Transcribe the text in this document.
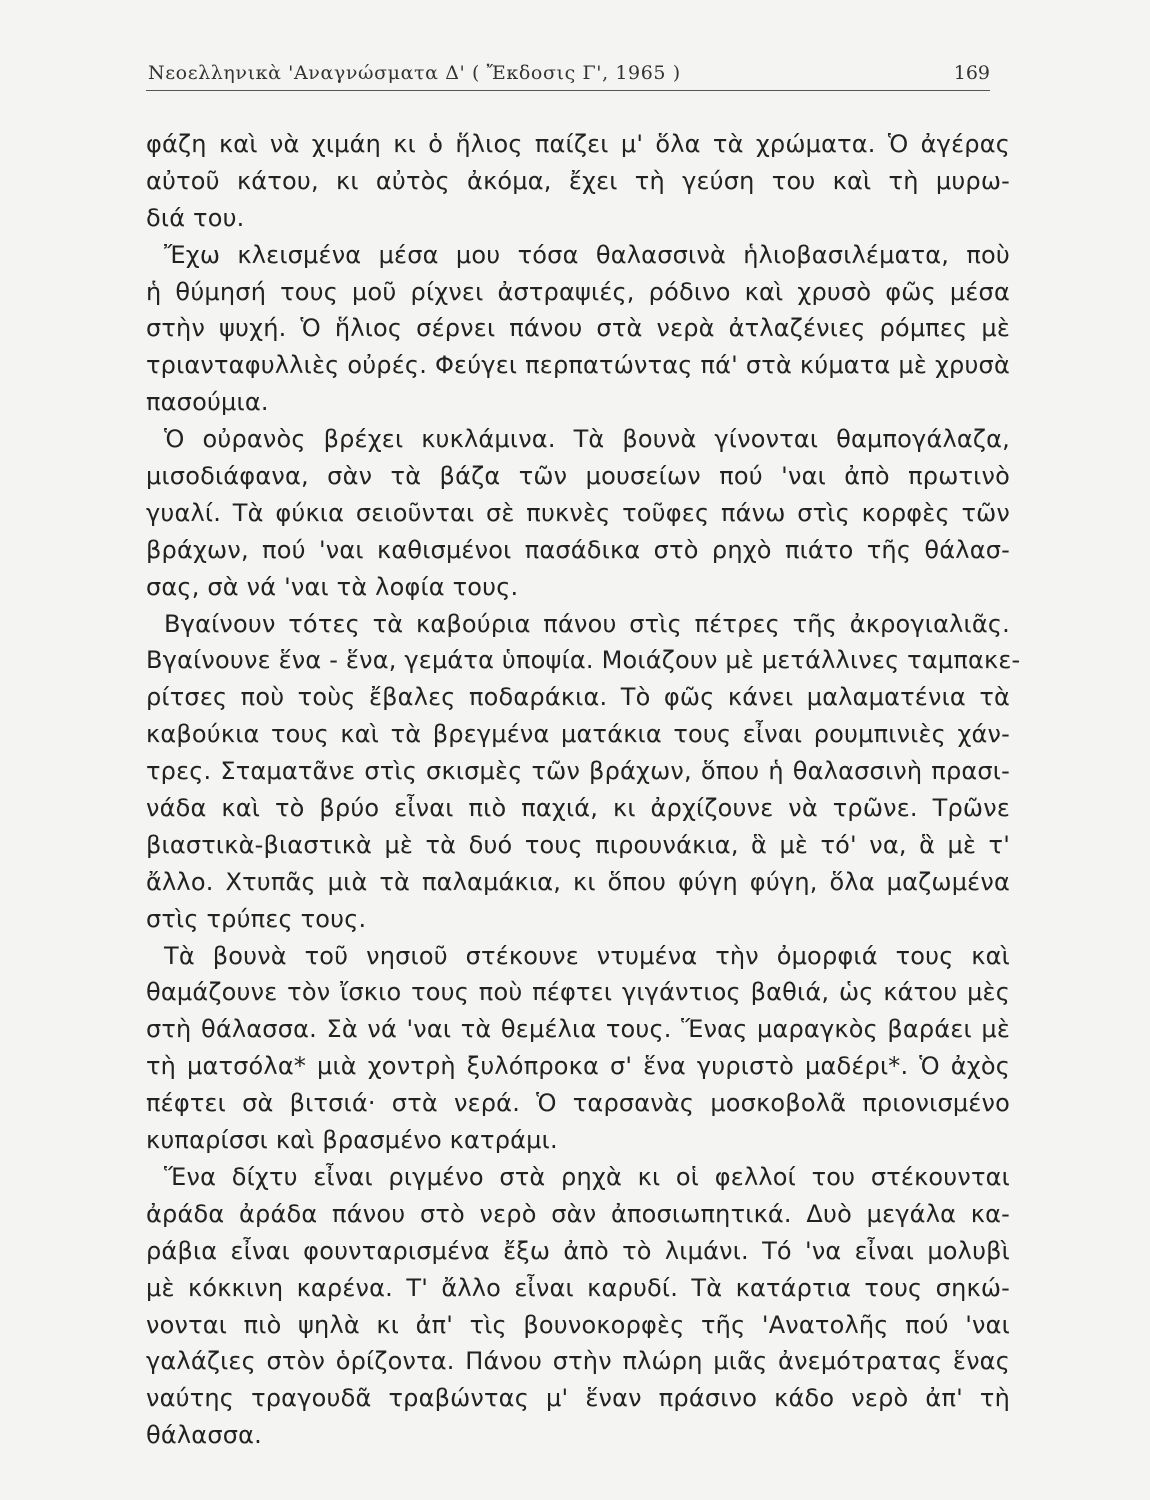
Νεοελληνικὰ 'Αναγνώσματα Δ' ( Ἔκδοσις Γ', 1965 )	169
φάζη καὶ νὰ χιμάη κι ὁ ἥλιος παίζει μ' ὅλα τὰ χρώματα. Ὁ ἀγέρας
αὐτοῦ κάτου, κι αὐτὸς ἀκόμα, ἔχει τὴ γεύση του καὶ τὴ μυρω-
διά του.
Ἔχω κλεισμένα μέσα μου τόσα θαλασσινὰ ἡλιοβασιλέματα, ποὺ
ἡ θύμησή τους μοῦ ρίχνει ἀστραψιές, ρόδινο καὶ χρυσὸ φῶς μέσα
στὴν ψυχή. Ὁ ἥλιος σέρνει πάνου στὰ νερὰ ἀτλαζένιες ρόμπες μὲ
τριανταφυλλιὲς οὐρές. Φεύγει περπατώντας πά' στὰ κύματα μὲ χρυσὰ
πασούμια.
Ὁ οὐρανὸς βρέχει κυκλάμινα. Τὰ βουνὰ γίνονται θαμπογάλαζα,
μισοδιάφανα, σὰν τὰ βάζα τῶν μουσείων πού 'ναι ἀπὸ πρωτινὸ
γυαλί. Τὰ φύκια σειοῦνται σὲ πυκνὲς τοῦφες πάνω στὶς κορφὲς τῶν
βράχων, πού 'ναι καθισμένοι πασάδικα στὸ ρηχὸ πιάτο τῆς θάλασ-
σας, σὰ νά 'ναι τὰ λοφία τους.
Βγαίνουν τότες τὰ καβούρια πάνου στὶς πέτρες τῆς ἀκρογιαλιᾶς.
Βγαίνουνε ἕνα - ἕνα, γεμάτα ὑποψία. Μοιάζουν μὲ μετάλλινες ταμπακε-
ρίτσες ποὺ τοὺς ἔβαλες ποδαράκια. Τὸ φῶς κάνει μαλαματένια τὰ
καβούκια τους καὶ τὰ βρεγμένα ματάκια τους εἶναι ρουμπινιὲς χάν-
τρες. Σταματᾶνε στὶς σκισμὲς τῶν βράχων, ὅπου ἡ θαλασσινὴ πρασι-
νάδα καὶ τὸ βρύο εἶναι πιὸ παχιά, κι ἀρχίζουνε νὰ τρῶνε. Τρῶνε
βιαστικὰ-βιαστικὰ μὲ τὰ δυό τους πιρουνάκια, ἃ μὲ τό' να, ἃ μὲ τ'
ἄλλο. Χτυπᾶς μιὰ τὰ παλαμάκια, κι ὅπου φύγη φύγη, ὅλα μαζωμένα
στὶς τρύπες τους.
Τὰ βουνὰ τοῦ νησιοῦ στέκουνε ντυμένα τὴν ὀμορφιά τους καὶ
θαμάζουνε τὸν ἴσκιο τους ποὺ πέφτει γιγάντιος βαθιά, ὡς κάτου μὲς
στὴ θάλασσα. Σὰ νά 'ναι τὰ θεμέλια τους. Ἕνας μαραγκὸς βαράει μὲ
τὴ ματσόλα* μιὰ χοντρὴ ξυλόπροκα σ' ἕνα γυριστὸ μαδέρι*. Ὁ ἀχὸς
πέφτει σὰ βιτσιά· στὰ νερά. Ὁ ταρσανὰς μοσκοβολᾶ πριονισμένο
κυπαρίσσι καὶ βρασμένο κατράμι.
Ἕνα δίχτυ εἶναι ριγμένο στὰ ρηχὰ κι οἱ φελλοί του στέκουνται
ἀράδα ἀράδα πάνου στὸ νερὸ σὰν ἀποσιωπητικά. Δυὸ μεγάλα κα-
ράβια εἶναι φουνταρισμένα ἔξω ἀπὸ τὸ λιμάνι. Τό 'να εἶναι μολυβὶ
μὲ κόκκινη καρένα. Τ' ἄλλο εἶναι καρυδί. Τὰ κατάρτια τους σηκώ-
νονται πιὸ ψηλὰ κι ἀπ' τὶς βουνοκορφὲς τῆς 'Ανατολῆς πού 'ναι
γαλάζιες στὸν ὁρίζοντα. Πάνου στὴν πλώρη μιᾶς ἀνεμότρατας ἕνας
ναύτης τραγουδᾶ τραβώντας μ' ἕναν πράσινο κάδο νερὸ ἀπ' τὴ
θάλασσα.
